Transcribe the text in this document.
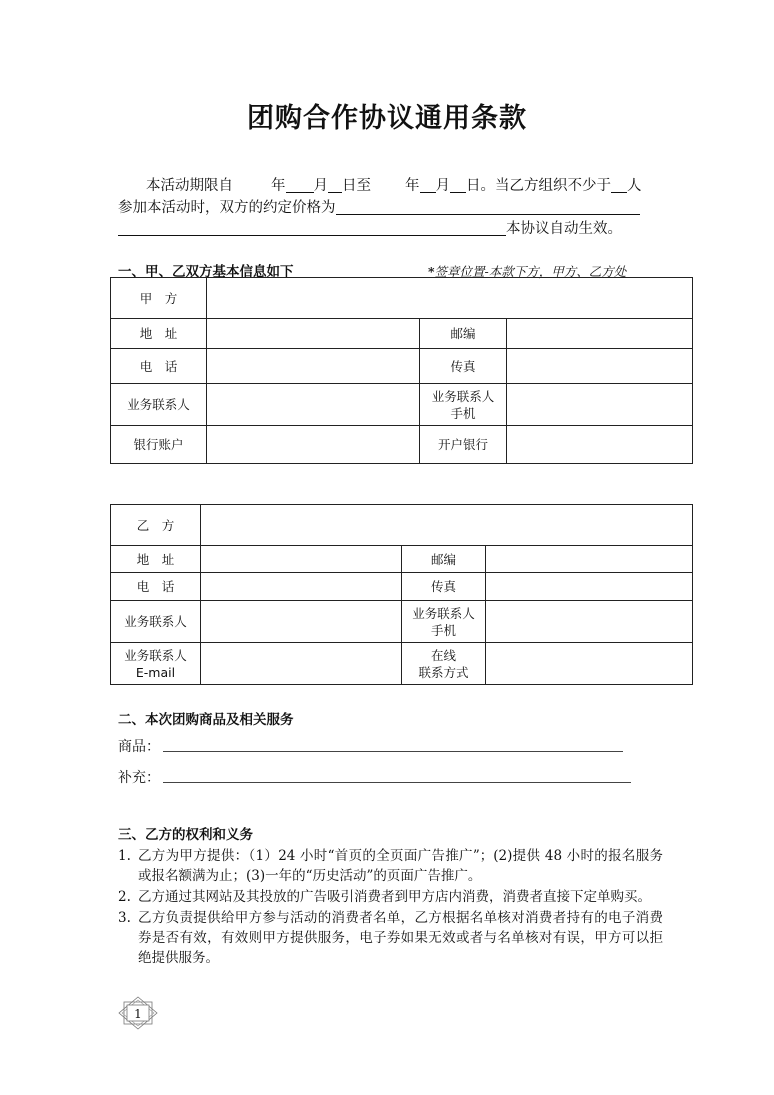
团购合作协议通用条款
本活动期限自	年 月 日至 年 月 日。当乙方组织不少于 人
参加本活动时，双方的约定价格为
本协议自动生效。
一、甲、乙双方基本信息如下	*签章位置-本款下方，甲方、乙方处
甲　方			
地　址		邮编	
电　话		传真	
业务联系人		业务联系人
手机	
银行账户		开户银行	
乙　方			
地　址		邮编	
电　话		传真	
业务联系人		业务联系人
手机	
业务联系人
E-mail		在线
联系方式	
二、本次团购商品及相关服务
商品：
补充：
三、乙方的权利和义务
1. 乙方为甲方提供：（1）24 小时“首页的全页面广告推广”；(2)提供 48 小时的报名服务或报名额满为止；(3)一年的“历史活动”的页面广告推广。
2. 乙方通过其网站及其投放的广告吸引消费者到甲方店内消费，消费者直接下定单购买。
3. 乙方负责提供给甲方参与活动的消费者名单，乙方根据名单核对消费者持有的电子消费券是否有效，有效则甲方提供服务，电子券如果无效或者与名单核对有误，甲方可以拒绝提供服务。
1
